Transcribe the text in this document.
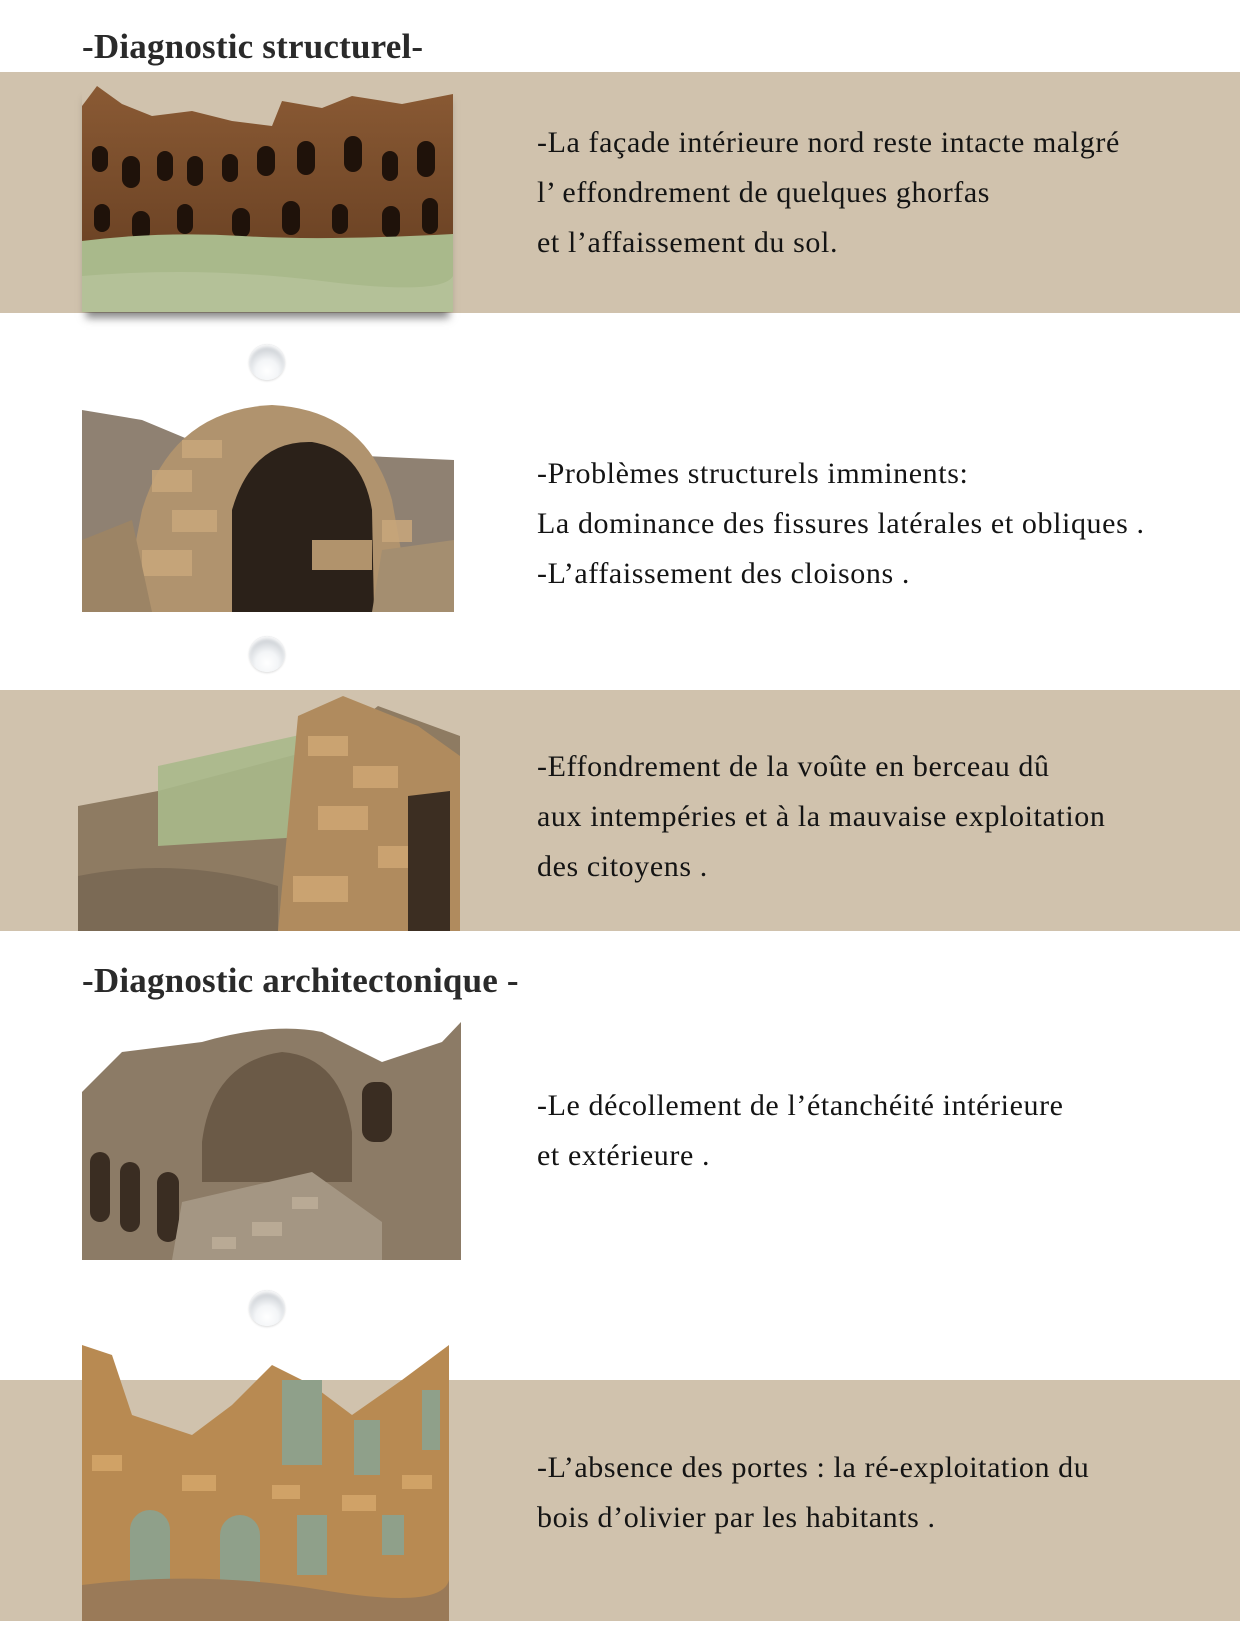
-Diagnostic structurel-

-La façade intérieure nord reste intacte malgré
l’ effondrement de quelques ghorfas
et l’affaissement du sol.

-Problèmes structurels imminents:
La dominance des fissures latérales et obliques .
-L’affaissement des cloisons .

-Effondrement de la voûte en berceau dû
aux intempéries et à la mauvaise exploitation
des citoyens .

-Diagnostic architectonique -

-Le décollement de l’étanchéité intérieure
et extérieure .

-L’absence des portes : la ré-exploitation du
bois d’olivier par les habitants .
